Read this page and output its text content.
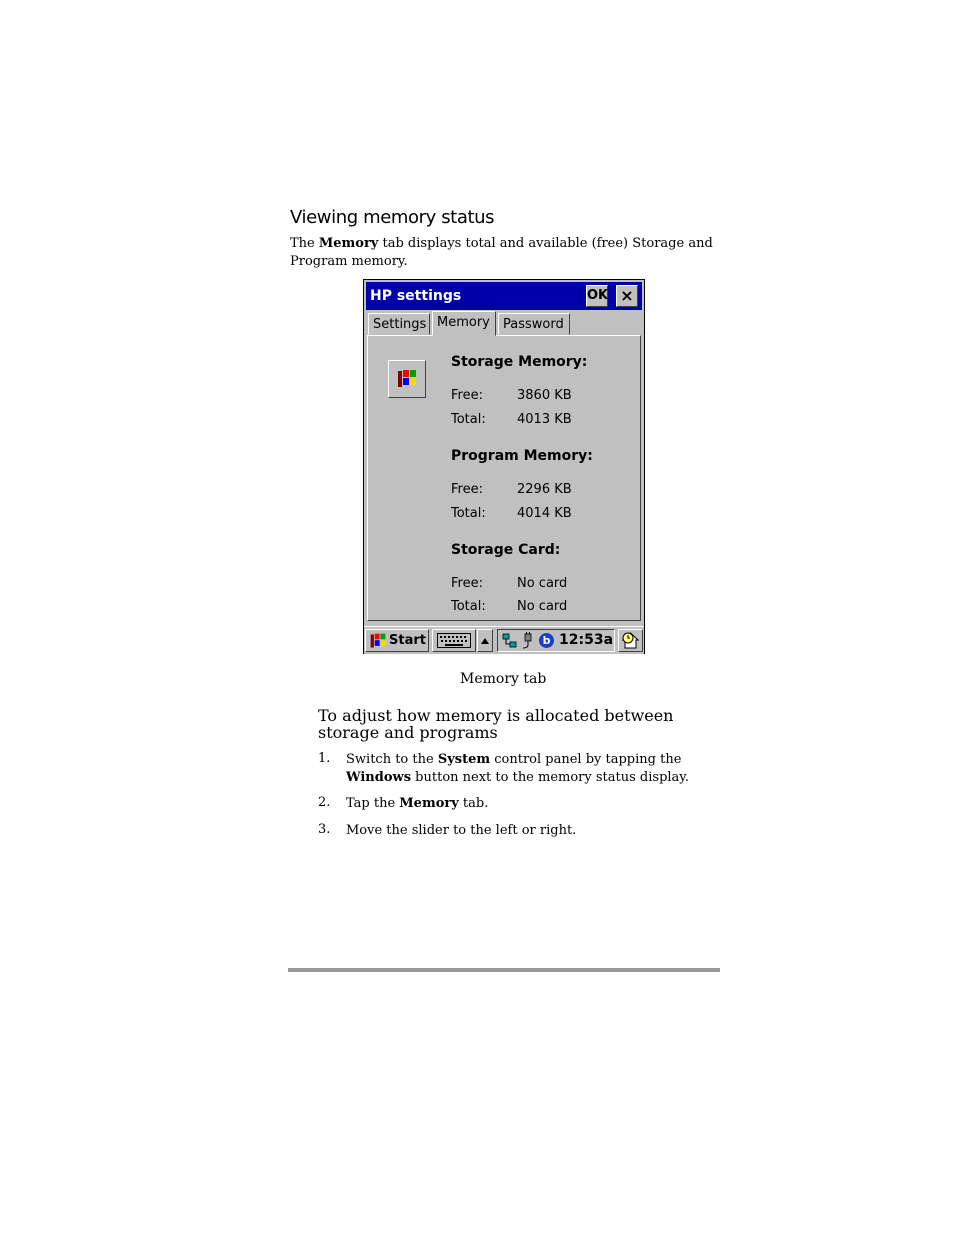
Viewing memory status
The Memory tab displays total and available (free) Storage and Program memory.
HP settings	OK ×
Settings Memory	Password
Storage Memory:
Free:	3860 KB
Total: 4013 KB
Program Memory:
Free:	2296 KB
Total: 4014 KB
Storage Card:
Free:	No card
Total: No card
Start	b 12:53a
Memory tab
To adjust how memory is allocated between storage and programs
1. Switch to the System control panel by tapping the Windows button next to the memory status display.
2. Tap the Memory tab.
3. Move the slider to the left or right.
